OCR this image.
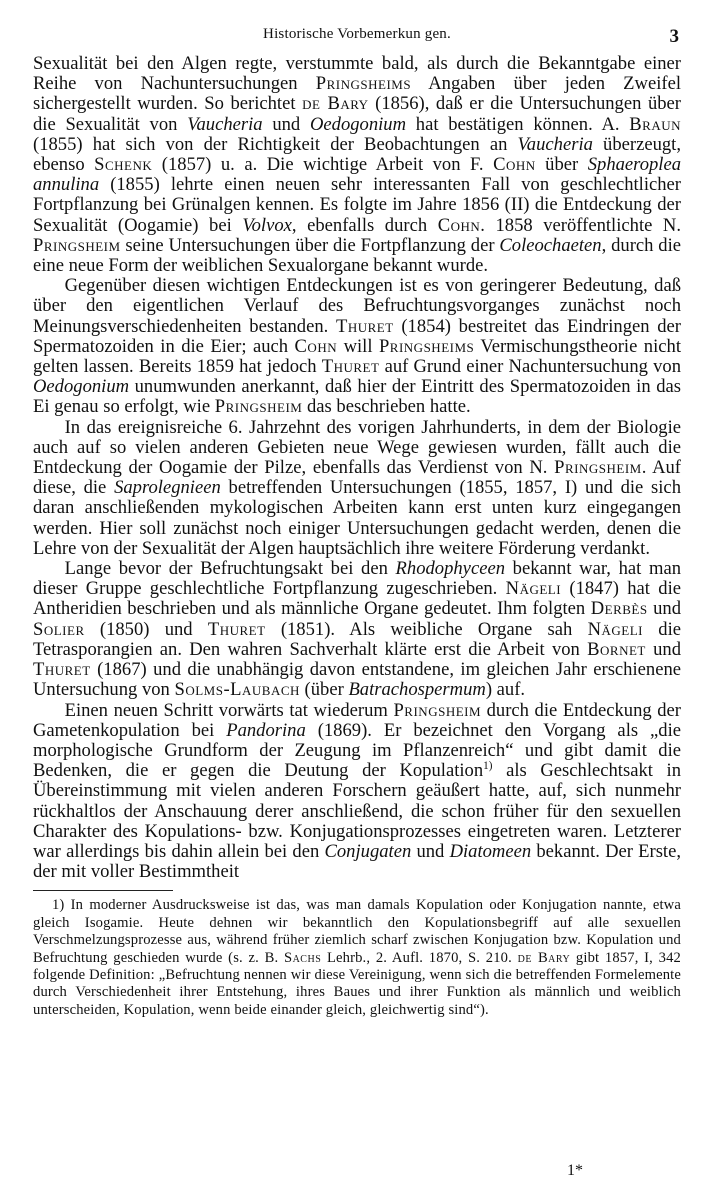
Historische Vorbemerkun gen.	3

Sexualität bei den Algen regte, verstummte bald, als durch die Bekanntgabe einer Reihe von Nachuntersuchungen Pringsheims Angaben über jeden Zweifel sichergestellt wurden. So berichtet de Bary (1856), daß er die Untersuchungen über die Sexualität von Vaucheria und Oedogonium hat bestätigen können. A. Braun (1855) hat sich von der Richtigkeit der Beobachtungen an Vaucheria überzeugt, ebenso Schenk (1857) u. a. Die wichtige Arbeit von F. Cohn über Sphaeroplea annulina (1855) lehrte einen neuen sehr interessanten Fall von geschlechtlicher Fortpflanzung bei Grünalgen kennen. Es folgte im Jahre 1856 (II) die Entdeckung der Sexualität (Oogamie) bei Volvox, ebenfalls durch Cohn. 1858 veröffentlichte N. Pringsheim seine Untersuchungen über die Fortpflanzung der Coleochaeten, durch die eine neue Form der weiblichen Sexualorgane bekannt wurde.

Gegenüber diesen wichtigen Entdeckungen ist es von geringerer Bedeutung, daß über den eigentlichen Verlauf des Befruchtungsvorganges zunächst noch Meinungsverschiedenheiten bestanden. Thuret (1854) bestreitet das Eindringen der Spermatozoiden in die Eier; auch Cohn will Pringsheims Vermischungstheorie nicht gelten lassen. Bereits 1859 hat jedoch Thuret auf Grund einer Nachuntersuchung von Oedogonium unumwunden anerkannt, daß hier der Eintritt des Spermatozoiden in das Ei genau so erfolgt, wie Pringsheim das beschrieben hatte.

In das ereignisreiche 6. Jahrzehnt des vorigen Jahrhunderts, in dem der Biologie auch auf so vielen anderen Gebieten neue Wege gewiesen wurden, fällt auch die Entdeckung der Oogamie der Pilze, ebenfalls das Verdienst von N. Pringsheim. Auf diese, die Saprolegnieen betreffenden Untersuchungen (1855, 1857, I) und die sich daran anschließenden mykologischen Arbeiten kann erst unten kurz eingegangen werden. Hier soll zunächst noch einiger Untersuchungen gedacht werden, denen die Lehre von der Sexualität der Algen hauptsächlich ihre weitere Förderung verdankt.

Lange bevor der Befruchtungsakt bei den Rhodophyceen bekannt war, hat man dieser Gruppe geschlechtliche Fortpflanzung zugeschrieben. Nägeli (1847) hat die Antheridien beschrieben und als männliche Organe gedeutet. Ihm folgten Derbès und Solier (1850) und Thuret (1851). Als weibliche Organe sah Nägeli die Tetrasporangien an. Den wahren Sachverhalt klärte erst die Arbeit von Bornet und Thuret (1867) und die unabhängig davon entstandene, im gleichen Jahr erschienene Untersuchung von Solms-Laubach (über Batrachospermum) auf.

Einen neuen Schritt vorwärts tat wiederum Pringsheim durch die Entdeckung der Gametenkopulation bei Pandorina (1869). Er bezeichnet den Vorgang als „die morphologische Grundform der Zeugung im Pflanzenreich“ und gibt damit die Bedenken, die er gegen die Deutung der Kopulation$^{1)}$ als Geschlechtsakt in Übereinstimmung mit vielen anderen Forschern geäußert hatte, auf, sich nunmehr rückhaltlos der Anschauung derer anschließend, die schon früher für den sexuellen Charakter des Kopulations- bzw. Konjugationsprozesses eingetreten waren. Letzterer war allerdings bis dahin allein bei den Conjugaten und Diatomeen bekannt. Der Erste, der mit voller Bestimmtheit

1) In moderner Ausdrucksweise ist das, was man damals Kopulation oder Konjugation nannte, etwa gleich Isogamie. Heute dehnen wir bekanntlich den Kopulationsbegriff auf alle sexuellen Verschmelzungsprozesse aus, während früher ziemlich scharf zwischen Konjugation bzw. Kopulation und Befruchtung geschieden wurde (s. z. B. Sachs Lehrb., 2. Aufl. 1870, S. 210. de Bary gibt 1857, I, 342 folgende Definition: „Befruchtung nennen wir diese Vereinigung, wenn sich die betreffenden Formelemente durch Verschiedenheit ihrer Entstehung, ihres Baues und ihrer Funktion als männlich und weiblich unterscheiden, Kopulation, wenn beide einander gleich, gleichwertig sind“).

1*
